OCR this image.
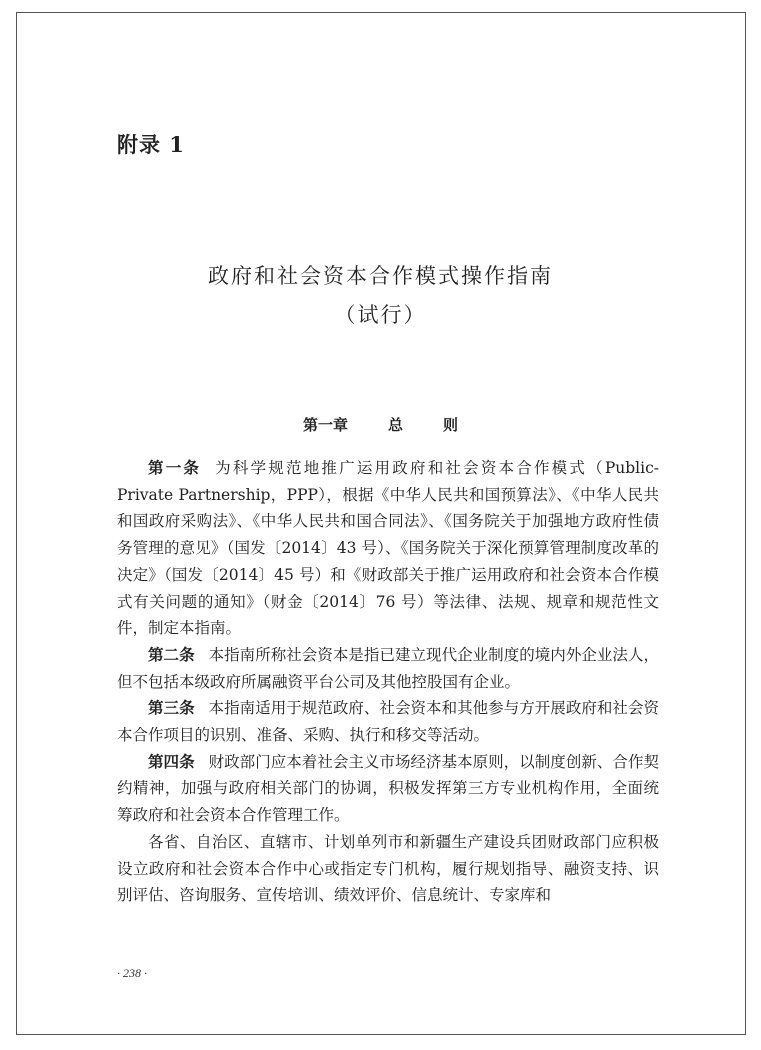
附录 1
政府和社会资本合作模式操作指南
（试行）
第一章	总	则

第一条 为科学规范地推广运用政府和社会资本合作模式（Public-Private Partnership，PPP），根据《中华人民共和国预算法》、《中华人民共和国政府采购法》、《中华人民共和国合同法》、《国务院关于加强地方政府性债务管理的意见》（国发〔2014〕43 号）、《国务院关于深化预算管理制度改革的决定》（国发〔2014〕45 号）和《财政部关于推广运用政府和社会资本合作模式有关问题的通知》（财金〔2014〕76 号）等法律、法规、规章和规范性文件，制定本指南。

第二条 本指南所称社会资本是指已建立现代企业制度的境内外企业法人，但不包括本级政府所属融资平台公司及其他控股国有企业。

第三条 本指南适用于规范政府、社会资本和其他参与方开展政府和社会资本合作项目的识别、准备、采购、执行和移交等活动。

第四条 财政部门应本着社会主义市场经济基本原则，以制度创新、合作契约精神，加强与政府相关部门的协调，积极发挥第三方专业机构作用，全面统筹政府和社会资本合作管理工作。

各省、自治区、直辖市、计划单列市和新疆生产建设兵团财政部门应积极设立政府和社会资本合作中心或指定专门机构，履行规划指导、融资支持、识别评估、咨询服务、宣传培训、绩效评价、信息统计、专家库和

· 238 ·
